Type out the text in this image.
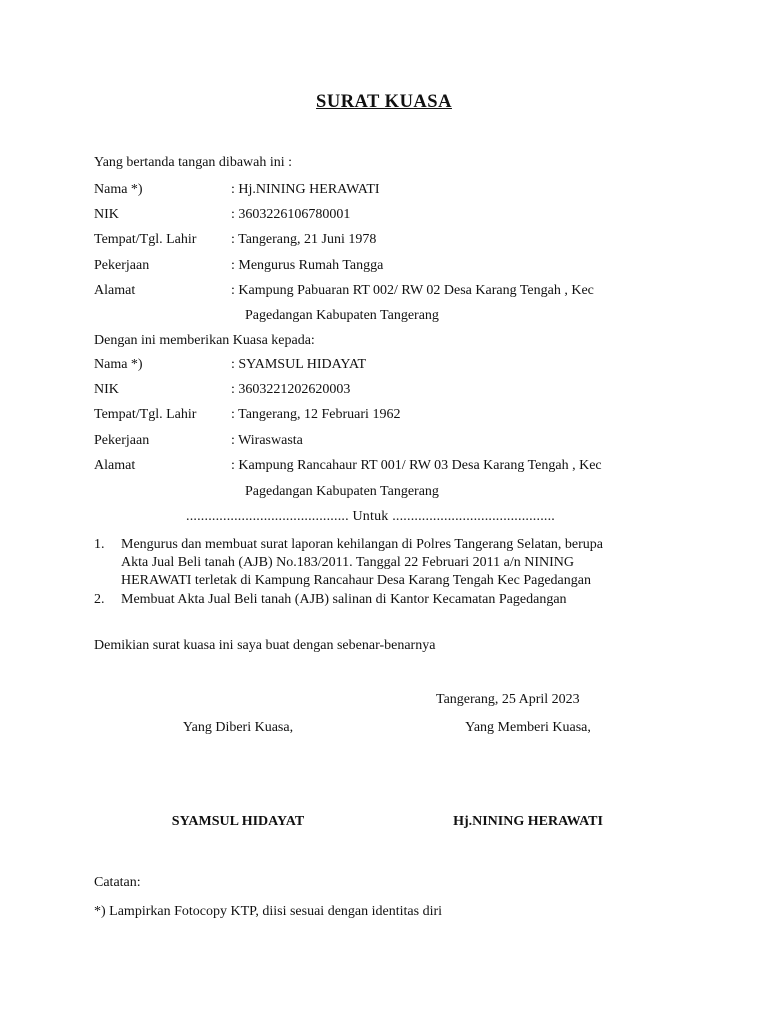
SURAT KUASA
Yang bertanda tangan dibawah ini :
Nama *)	: Hj.NINING HERAWATI
NIK	: 3603226106780001
Tempat/Tgl. Lahir : Tangerang, 21 Juni 1978
Pekerjaan	: Mengurus Rumah Tangga
Alamat	: Kampung Pabuaran RT 002/ RW 02 Desa Karang Tengah , Kec
Pagedangan Kabupaten Tangerang
Dengan ini memberikan Kuasa kepada:
Nama *)	: SYAMSUL HIDAYAT
NIK	: 3603221202620003
Tempat/Tgl. Lahir : Tangerang, 12 Februari 1962
Pekerjaan	: Wiraswasta
Alamat	: Kampung Rancahaur RT 001/ RW 03 Desa Karang Tengah , Kec
Pagedangan Kabupaten Tangerang
............................................ Untuk ............................................
1. Mengurus dan membuat surat laporan kehilangan di Polres Tangerang Selatan, berupa
Akta Jual Beli tanah (AJB) No.183/2011. Tanggal 22 Februari 2011 a/n NINING
HERAWATI terletak di Kampung Rancahaur Desa Karang Tengah Kec Pagedangan
2. Membuat Akta Jual Beli tanah (AJB) salinan di Kantor Kecamatan Pagedangan
Demikian surat kuasa ini saya buat dengan sebenar-benarnya
Tangerang, 25 April 2023
Yang Diberi Kuasa,	Yang Memberi Kuasa,
SYAMSUL HIDAYAT	Hj.NINING HERAWATI
Catatan:
*) Lampirkan Fotocopy KTP, diisi sesuai dengan identitas diri
